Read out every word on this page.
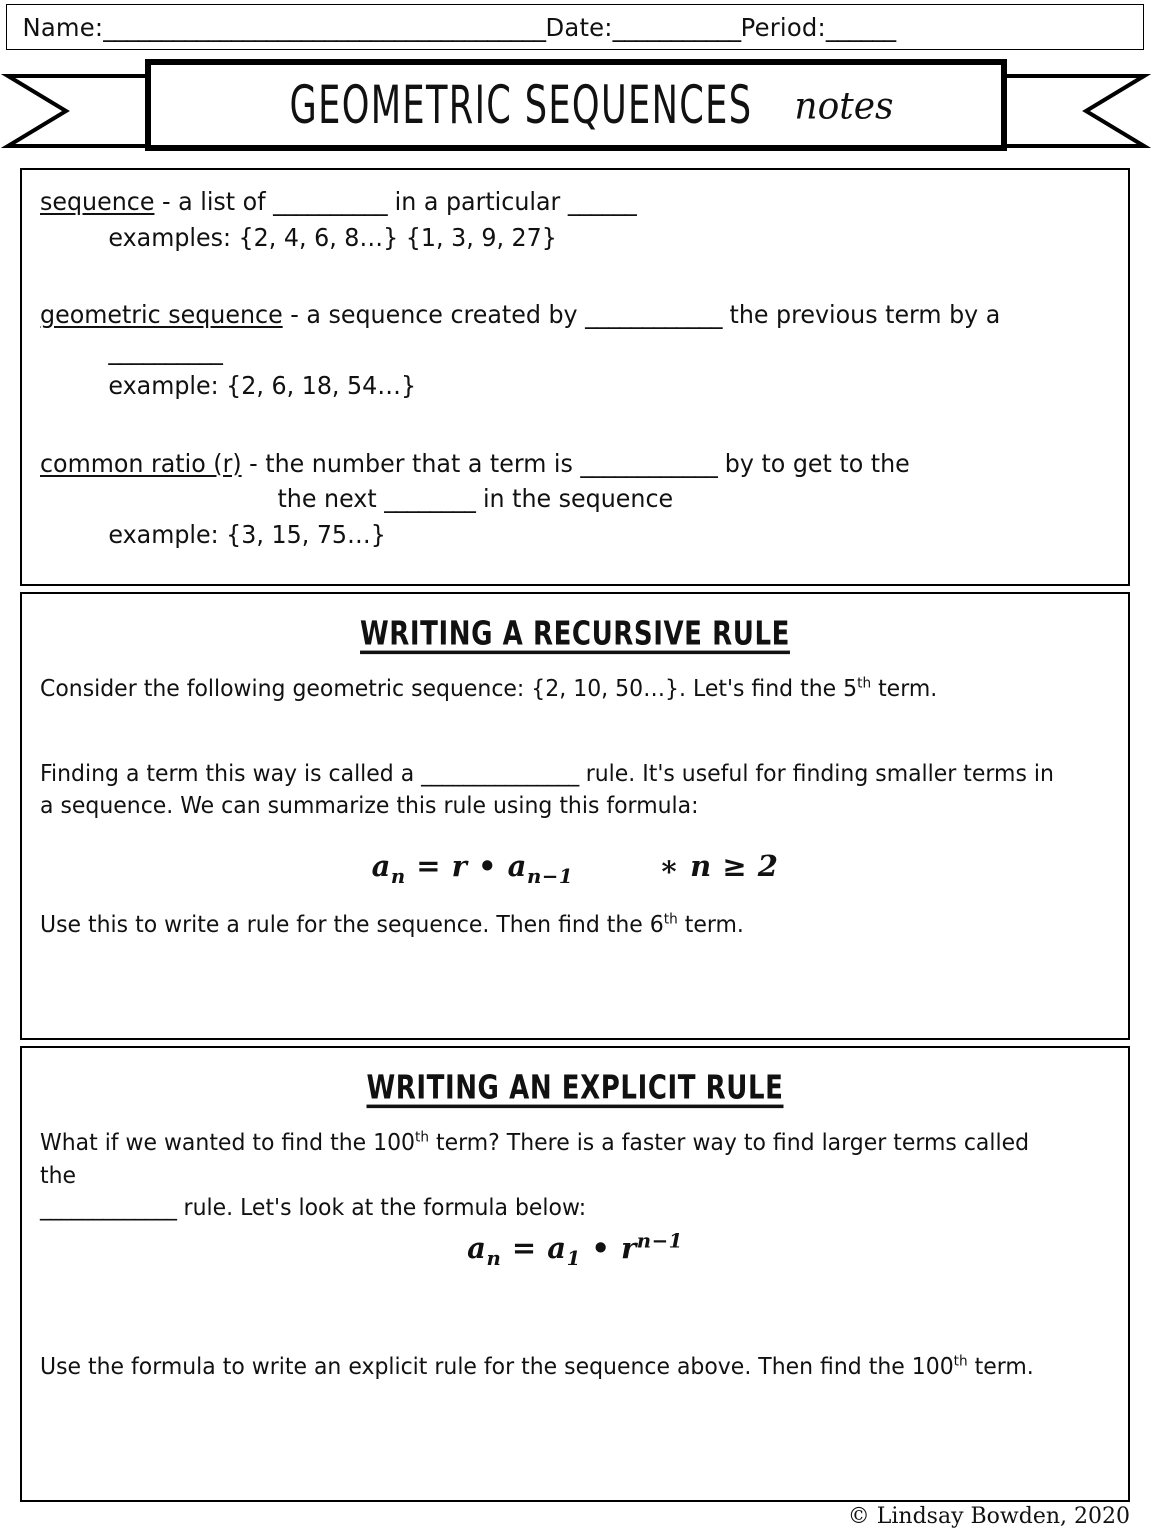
Name:______________________________________Date:___________Period:______
GEOMETRIC SEQUENCES notes
sequence - a list of __________ in a particular ______
examples: {2, 4, 6, 8…} {1, 3, 9, 27}
geometric sequence - a sequence created by ____________ the previous term by a
__________
example: {2, 6, 18, 54…}
common ratio (r) - the number that a term is ____________ by to get to the
the next ________ in the sequence
example: {3, 15, 75…}
WRITING A RECURSIVE RULE
Consider the following geometric sequence: {2, 10, 50…}. Let's find the 5th term.
Finding a term this way is called a _______________ rule. It's useful for finding smaller terms in a sequence. We can summarize this rule using this formula:
$a_n = r$ • $a_{n-1}$	∗ n ≥ 2
Use this to write a rule for the sequence. Then find the 6th term.
WRITING AN EXPLICIT RULE
What if we wanted to find the 100th term? There is a faster way to find larger terms called the
_____________ rule. Let's look at the formula below:
$a_n = a_1$ • $r^{n-1}$
Use the formula to write an explicit rule for the sequence above. Then find the 100th term.
© Lindsay Bowden, 2020
